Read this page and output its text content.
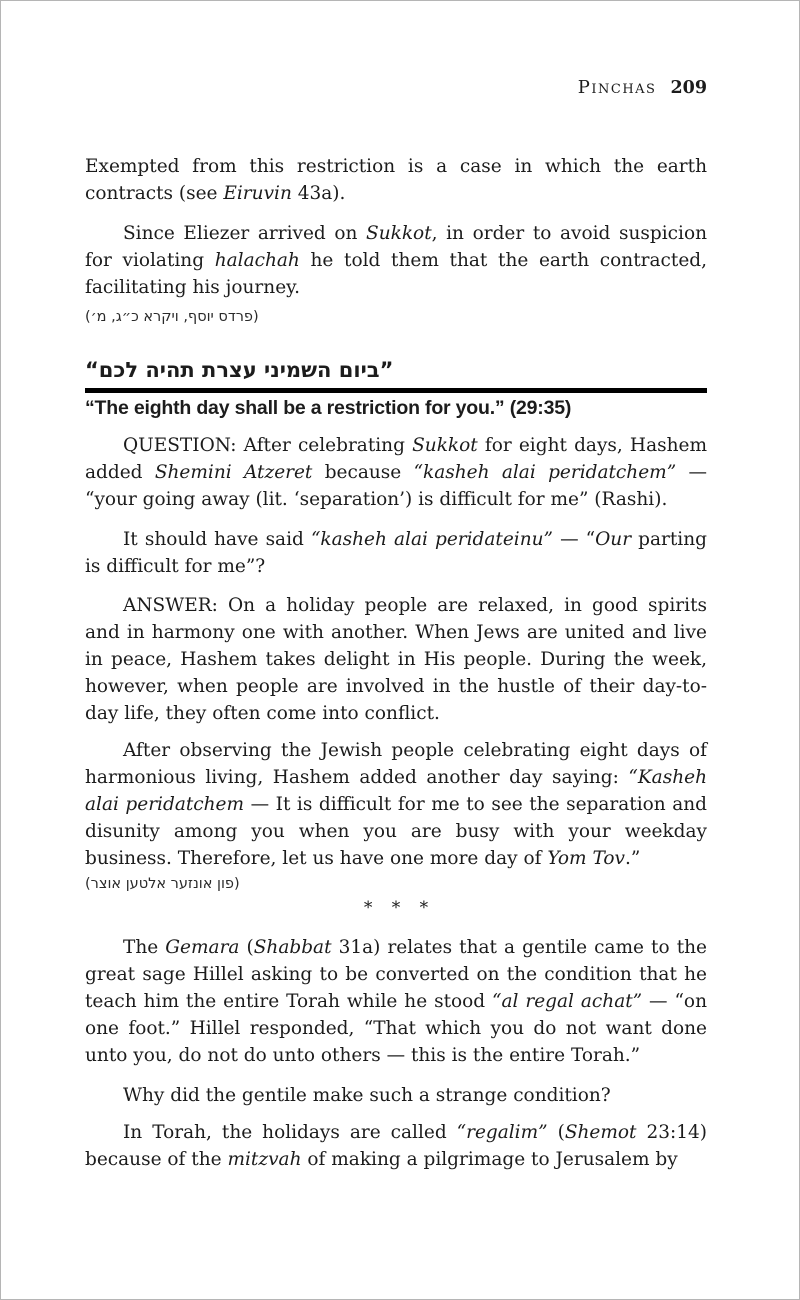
Pinchas 209

Exempted from this restriction is a case in which the earth contracts (see Eiruvin 43a).

Since Eliezer arrived on Sukkot, in order to avoid suspicion for violating halachah he told them that the earth contracted, facilitating his journey.

(פרדס יוסף, ויקרא כ״ג, מ׳)

”ביום השמיני עצרת תהיה לכם“
“The eighth day shall be a restriction for you.” (29:35)

QUESTION: After celebrating Sukkot for eight days, Hashem added Shemini Atzeret because “kasheh alai peridatchem” — “your going away (lit. ‘separation’) is difficult for me” (Rashi).

It should have said “kasheh alai peridateinu” — “Our parting is difficult for me”?

ANSWER: On a holiday people are relaxed, in good spirits and in harmony one with another. When Jews are united and live in peace, Hashem takes delight in His people. During the week, however, when people are involved in the hustle of their day-to-day life, they often come into conflict.

After observing the Jewish people celebrating eight days of harmonious living, Hashem added another day saying: “Kasheh alai peridatchem — It is difficult for me to see the separation and disunity among you when you are busy with your weekday business. Therefore, let us have one more day of Yom Tov.”

(פון אונזער אלטען אוצר)

* * *

The Gemara (Shabbat 31a) relates that a gentile came to the great sage Hillel asking to be converted on the condition that he teach him the entire Torah while he stood “al regal achat” — “on one foot.” Hillel responded, “That which you do not want done unto you, do not do unto others — this is the entire Torah.”

Why did the gentile make such a strange condition?

In Torah, the holidays are called “regalim” (Shemot 23:14) because of the mitzvah of making a pilgrimage to Jerusalem by
